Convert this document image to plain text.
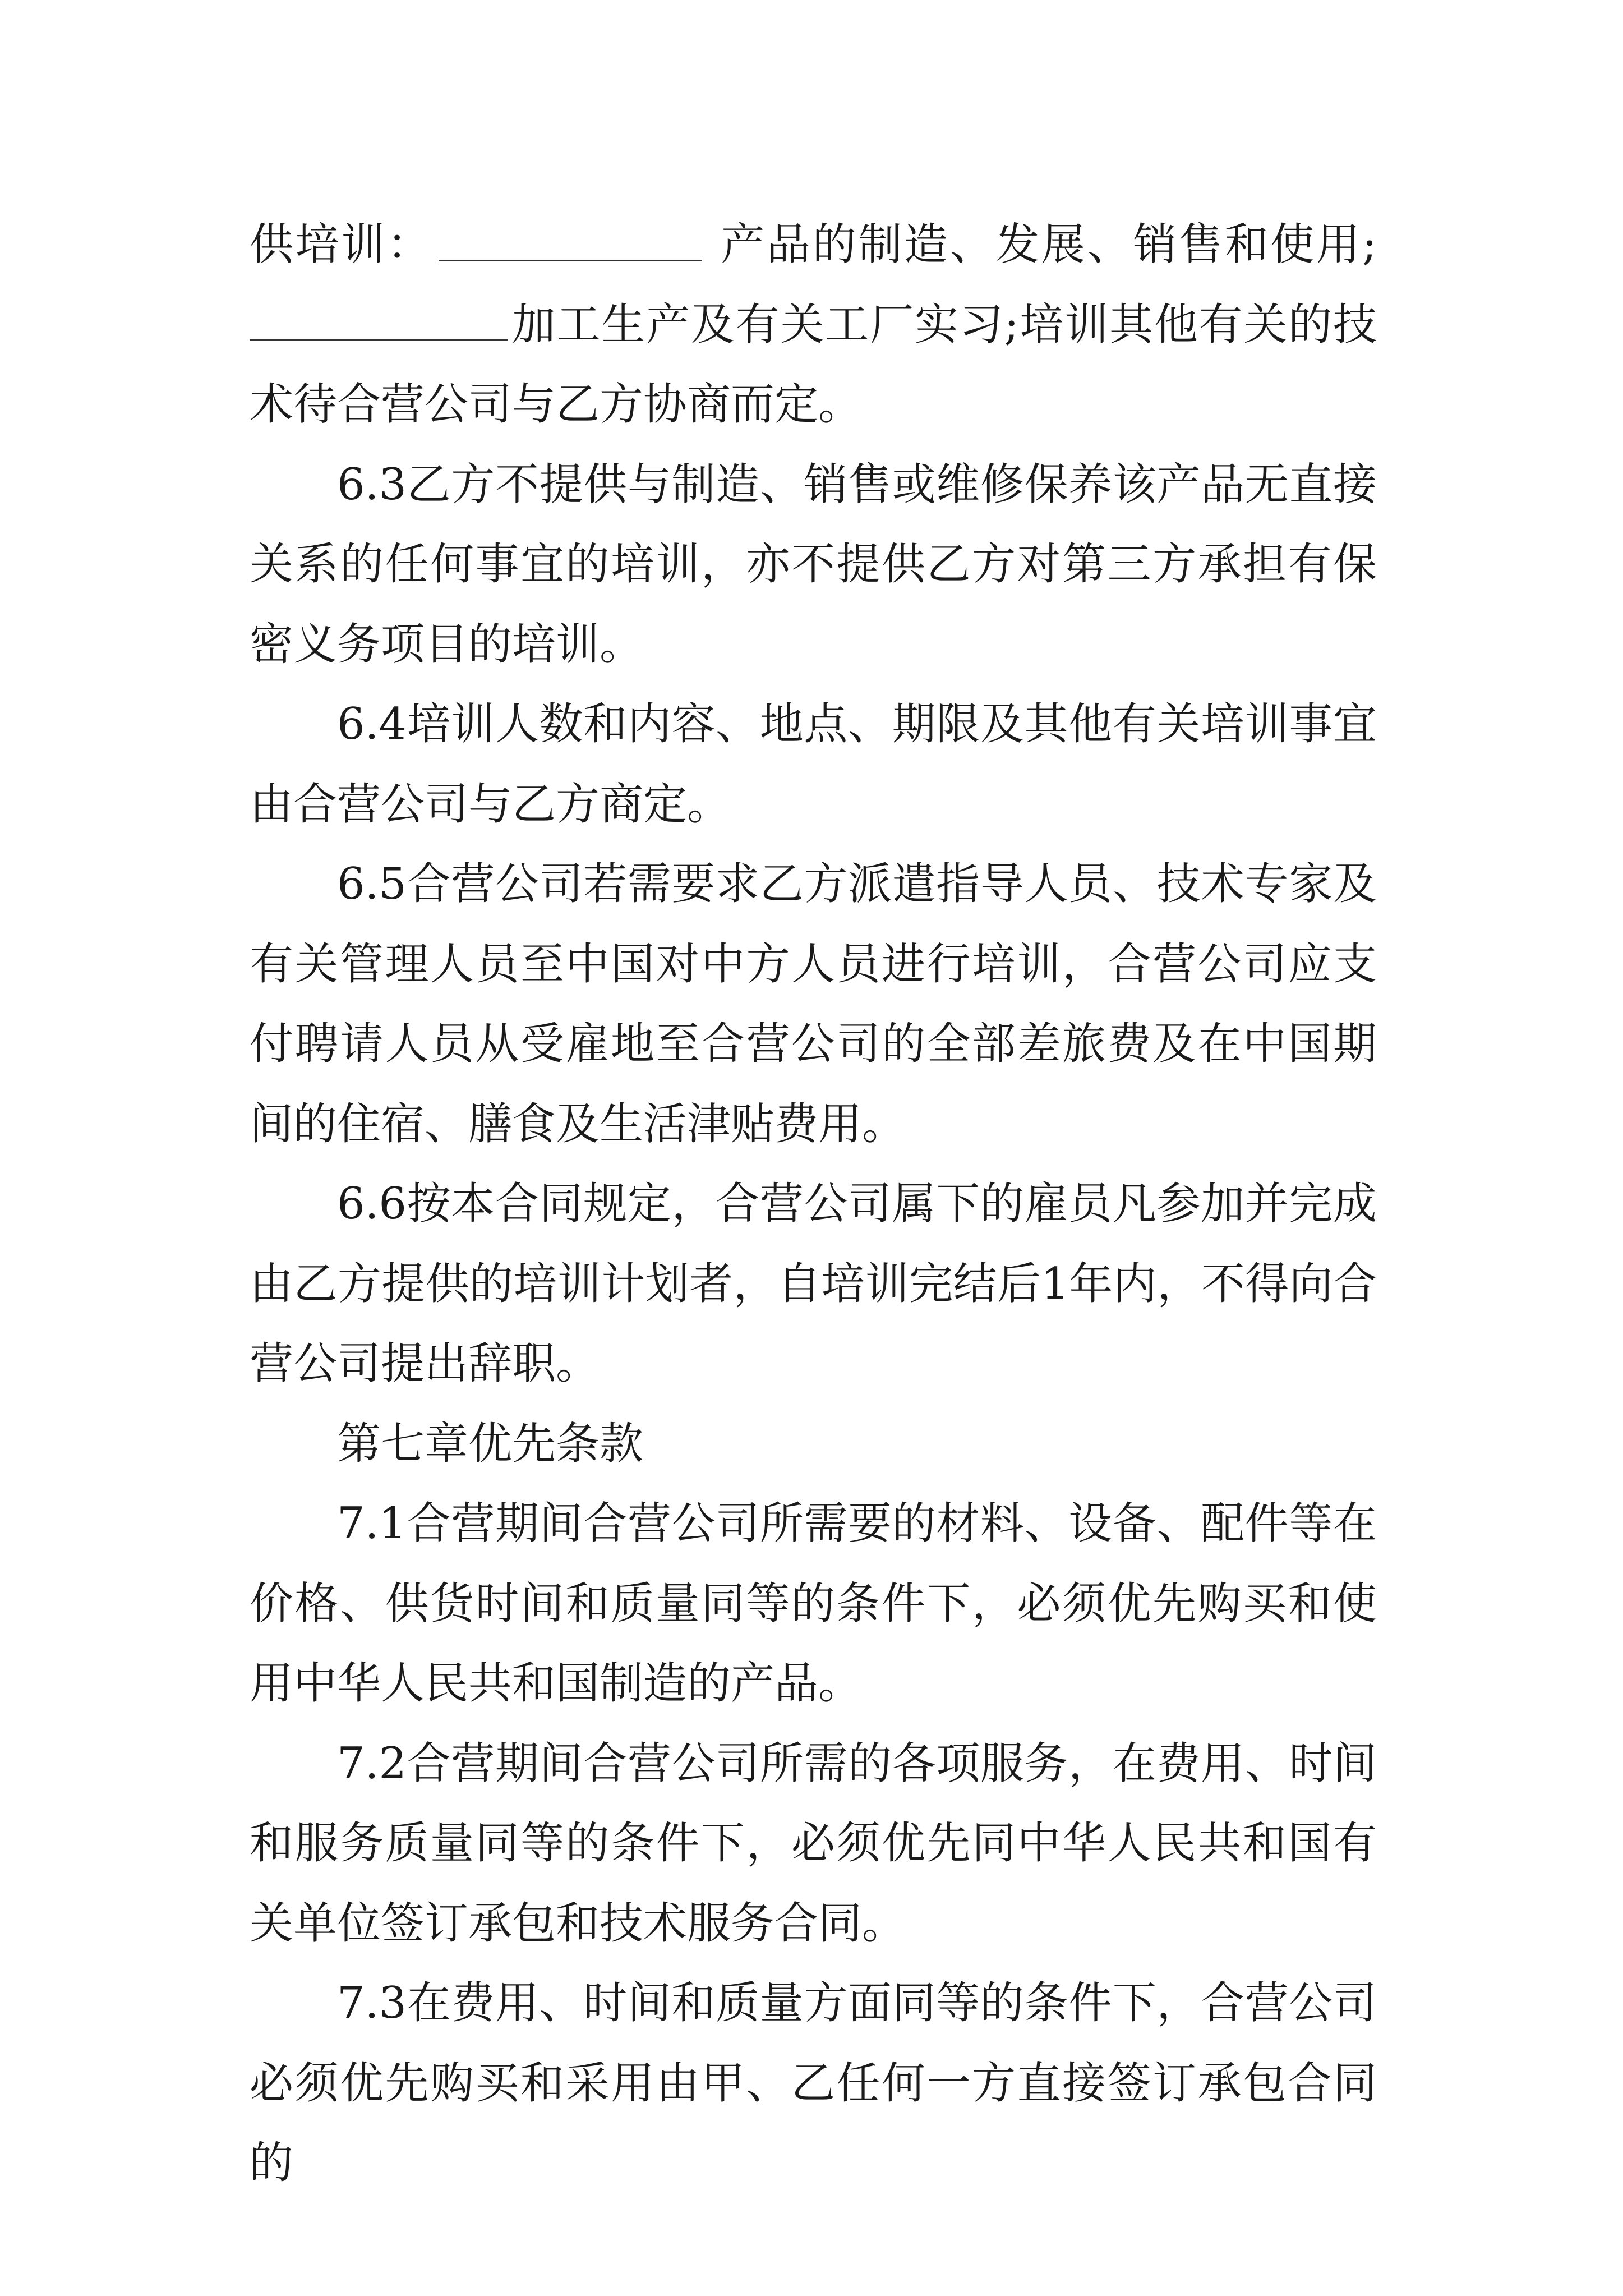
供培训：	产品的制造、发展、销售和使用;加工生产及有关工厂实习;培训其他有关的技术待合营公司与乙方协商而定。

6.3乙方不提供与制造、销售或维修保养该产品无直接关系的任何事宜的培训，亦不提供乙方对第三方承担有保密义务项目的培训。

6.4培训人数和内容、地点、期限及其他有关培训事宜由合营公司与乙方商定。

6.5合营公司若需要求乙方派遣指导人员、技术专家及有关管理人员至中国对中方人员进行培训，合营公司应支付聘请人员从受雇地至合营公司的全部差旅费及在中国期间的住宿、膳食及生活津贴费用。

6.6按本合同规定，合营公司属下的雇员凡参加并完成由乙方提供的培训计划者，自培训完结后1年内，不得向合营公司提出辞职。

第七章优先条款

7.1合营期间合营公司所需要的材料、设备、配件等在价格、供货时间和质量同等的条件下，必须优先购买和使用中华人民共和国制造的产品。

7.2合营期间合营公司所需的各项服务，在费用、时间和服务质量同等的条件下，必须优先同中华人民共和国有关单位签订承包和技术服务合同。

7.3在费用、时间和质量方面同等的条件下，合营公司必须优先购买和采用由甲、乙任何一方直接签订承包合同的
